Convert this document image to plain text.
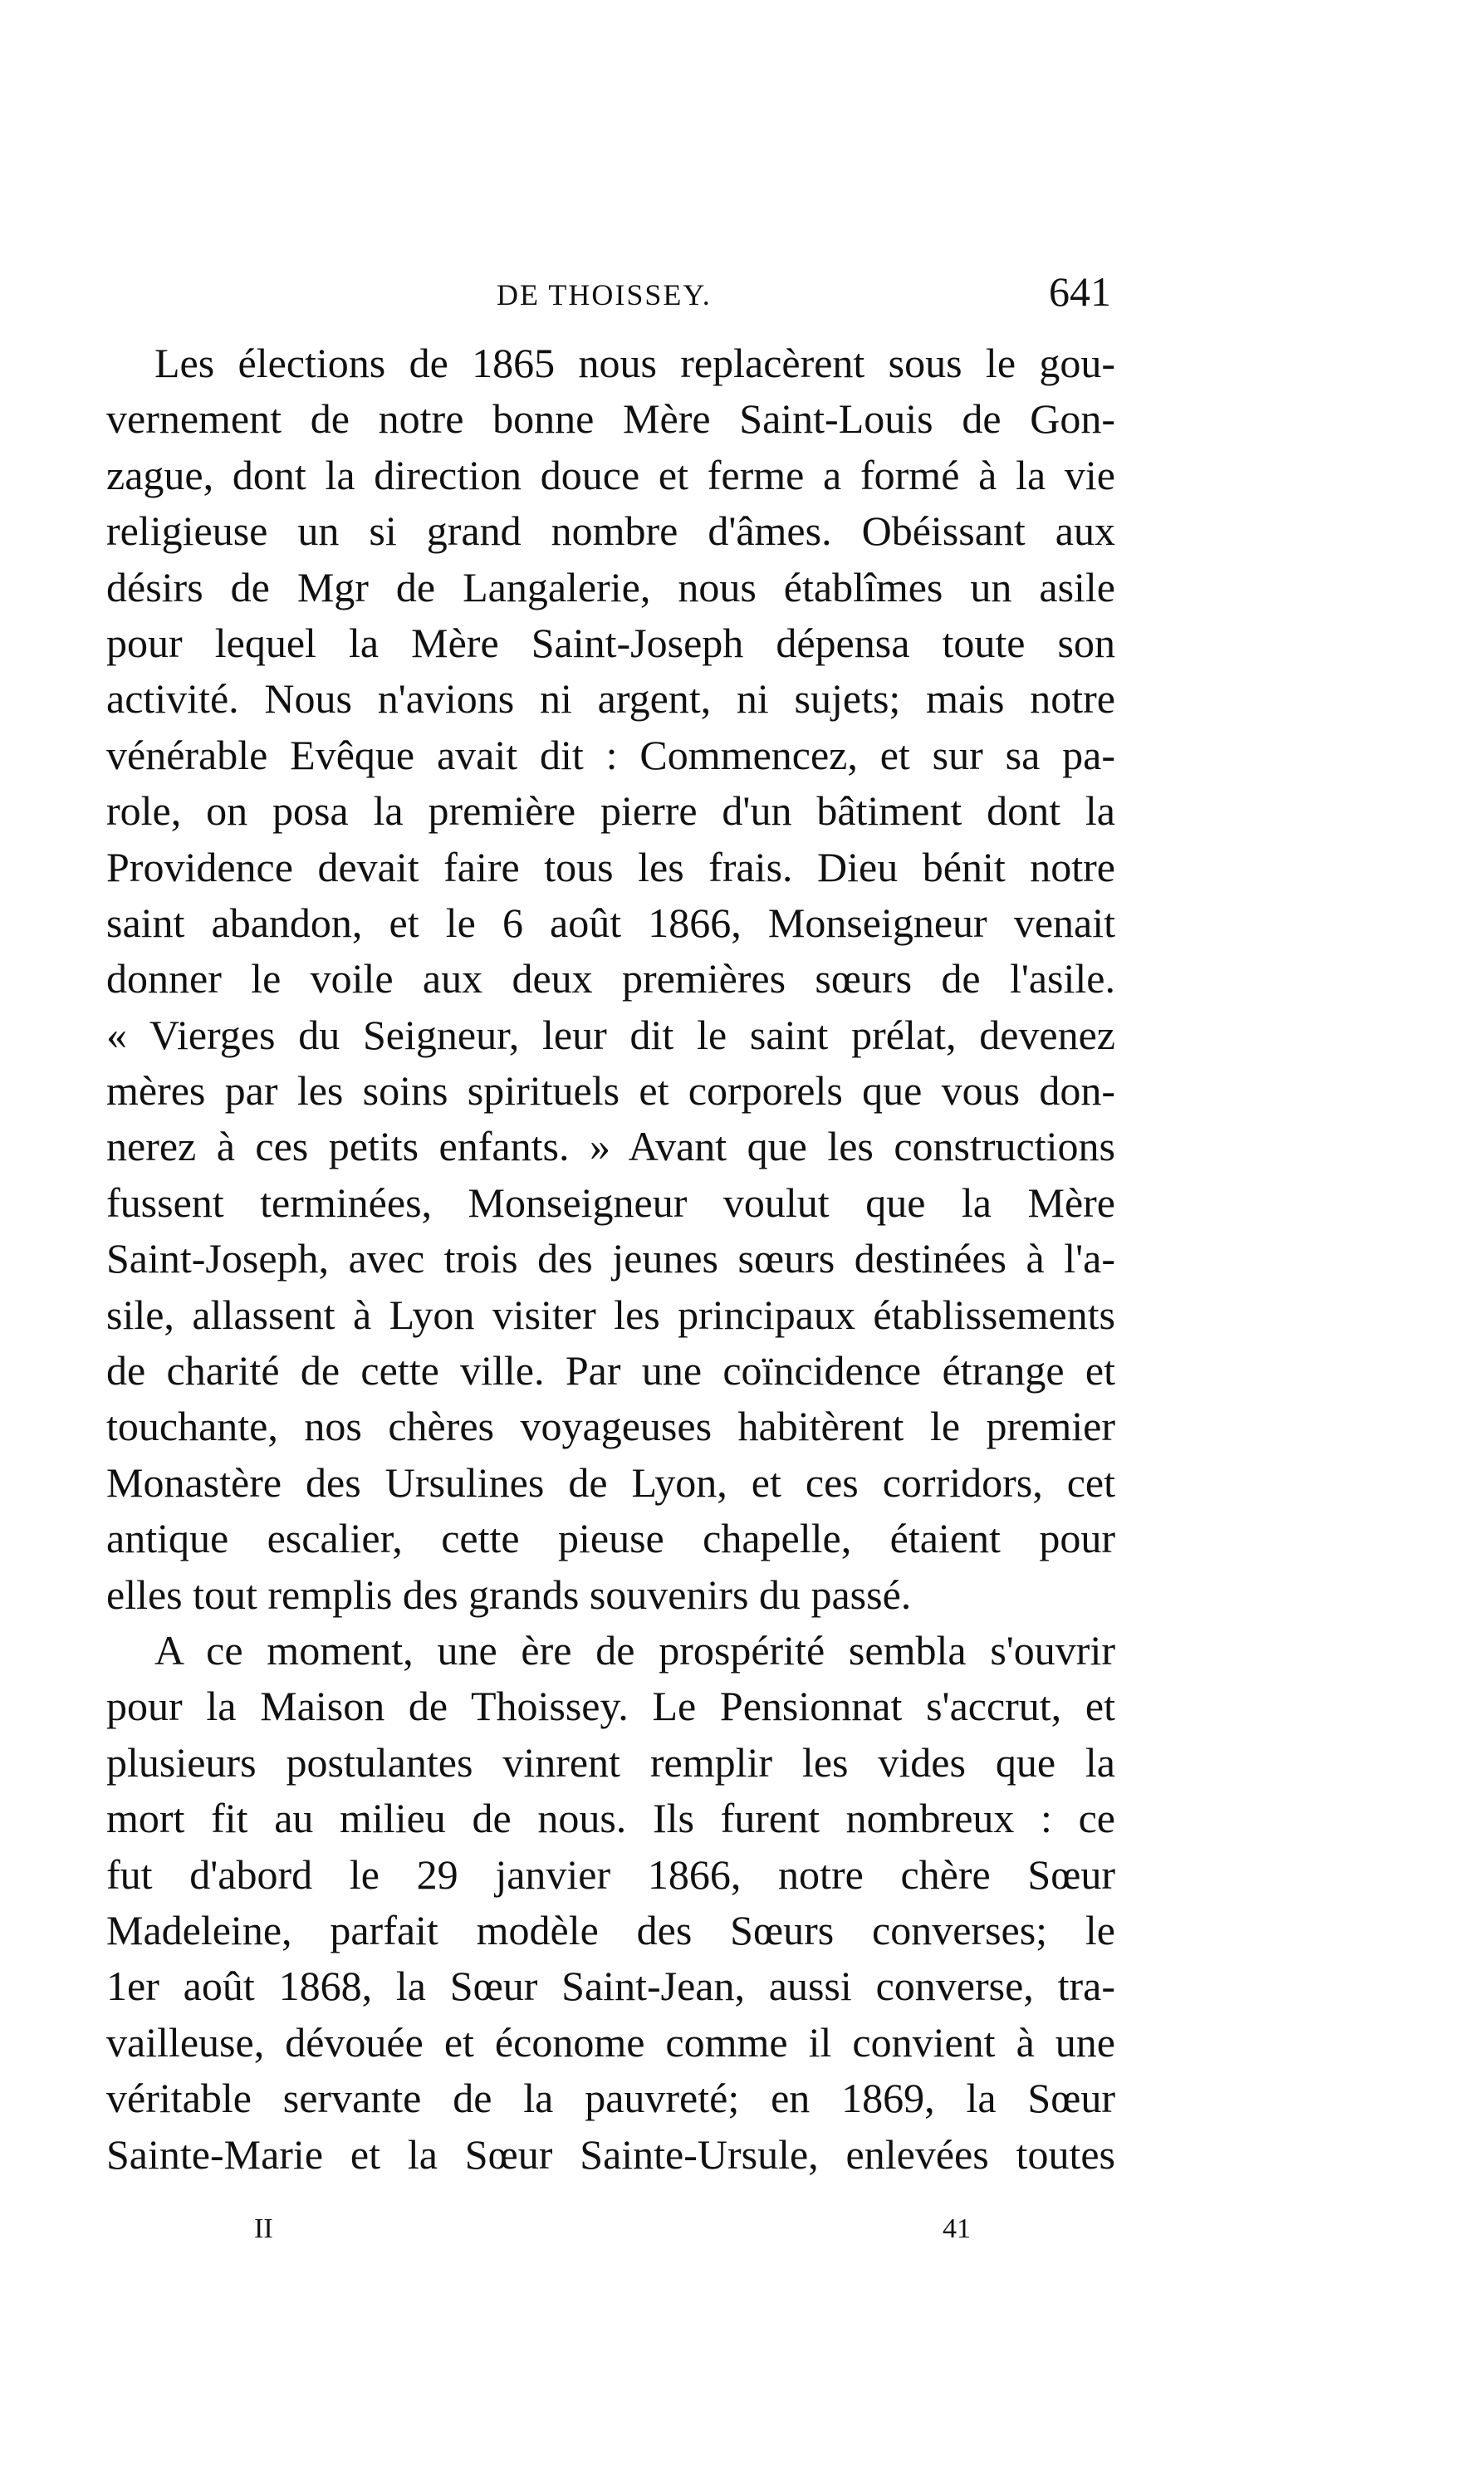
DE THOISSEY.	641
Les élections de 1865 nous replacèrent sous le gou-
vernement de notre bonne Mère Saint-Louis de Gon-
zague, dont la direction douce et ferme a formé à la vie
religieuse un si grand nombre d'âmes. Obéissant aux
désirs de Mgr de Langalerie, nous établîmes un asile
pour lequel la Mère Saint-Joseph dépensa toute son
activité. Nous n'avions ni argent, ni sujets; mais notre
vénérable Evêque avait dit : Commencez, et sur sa pa-
role, on posa la première pierre d'un bâtiment dont la
Providence devait faire tous les frais. Dieu bénit notre
saint abandon, et le 6 août 1866, Monseigneur venait
donner le voile aux deux premières sœurs de l'asile.
« Vierges du Seigneur, leur dit le saint prélat, devenez
mères par les soins spirituels et corporels que vous don-
nerez à ces petits enfants. » Avant que les constructions
fussent terminées, Monseigneur voulut que la Mère
Saint-Joseph, avec trois des jeunes sœurs destinées à l'a-
sile, allassent à Lyon visiter les principaux établissements
de charité de cette ville. Par une coïncidence étrange et
touchante, nos chères voyageuses habitèrent le premier
Monastère des Ursulines de Lyon, et ces corridors, cet
antique escalier, cette pieuse chapelle, étaient pour
elles tout remplis des grands souvenirs du passé.
A ce moment, une ère de prospérité sembla s'ouvrir
pour la Maison de Thoissey. Le Pensionnat s'accrut, et
plusieurs postulantes vinrent remplir les vides que la
mort fit au milieu de nous. Ils furent nombreux : ce
fut d'abord le 29 janvier 1866, notre chère Sœur
Madeleine, parfait modèle des Sœurs converses; le
1er août 1868, la Sœur Saint-Jean, aussi converse, tra-
vailleuse, dévouée et économe comme il convient à une
véritable servante de la pauvreté; en 1869, la Sœur
Sainte-Marie et la Sœur Sainte-Ursule, enlevées toutes
II	41
